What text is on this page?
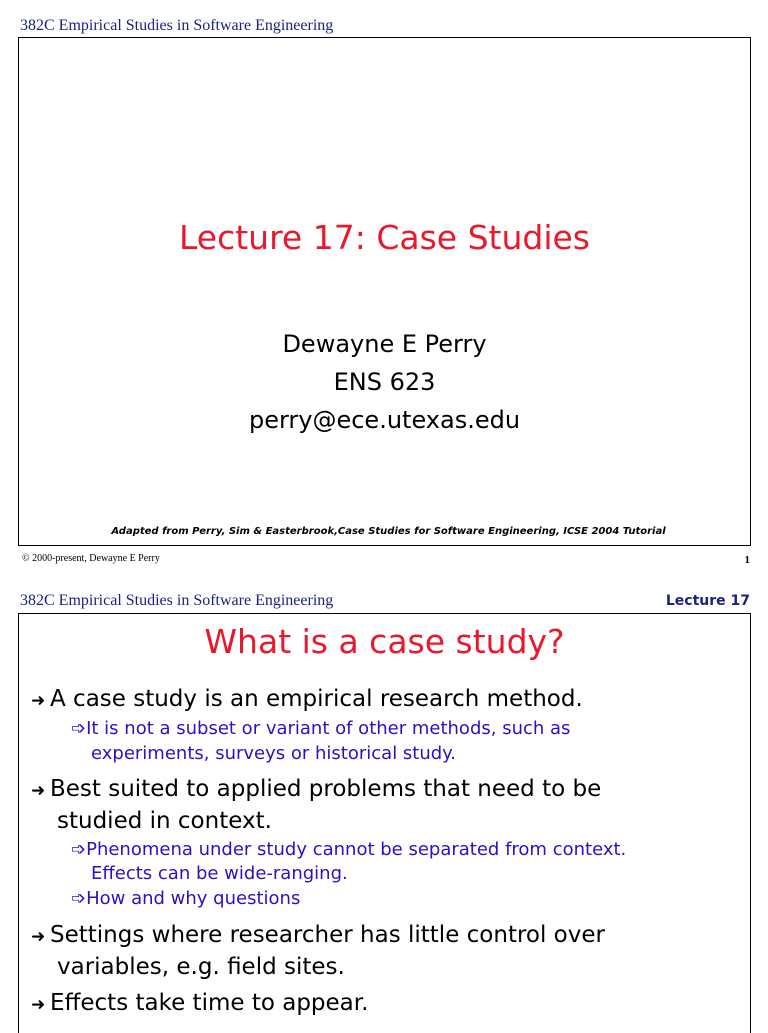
382C Empirical Studies in Software Engineering
Lecture 17: Case Studies
Dewayne E Perry
ENS 623
perry@ece.utexas.edu
Adapted from Perry, Sim & Easterbrook,Case Studies for Software Engineering, ICSE 2004 Tutorial
© 2000-present, Dewayne E Perry	1
382C Empirical Studies in Software Engineering	Lecture 17
What is a case study?
➜ A case study is an empirical research method.
➩It is not a subset or variant of other methods, such as
experiments, surveys or historical study.
➜ Best suited to applied problems that need to be
studied in context.
➩Phenomena under study cannot be separated from context.
Effects can be wide-ranging.
➩How and why questions
➜ Settings where researcher has little control over
variables, e.g. field sites.
➜ Effects take time to appear.
